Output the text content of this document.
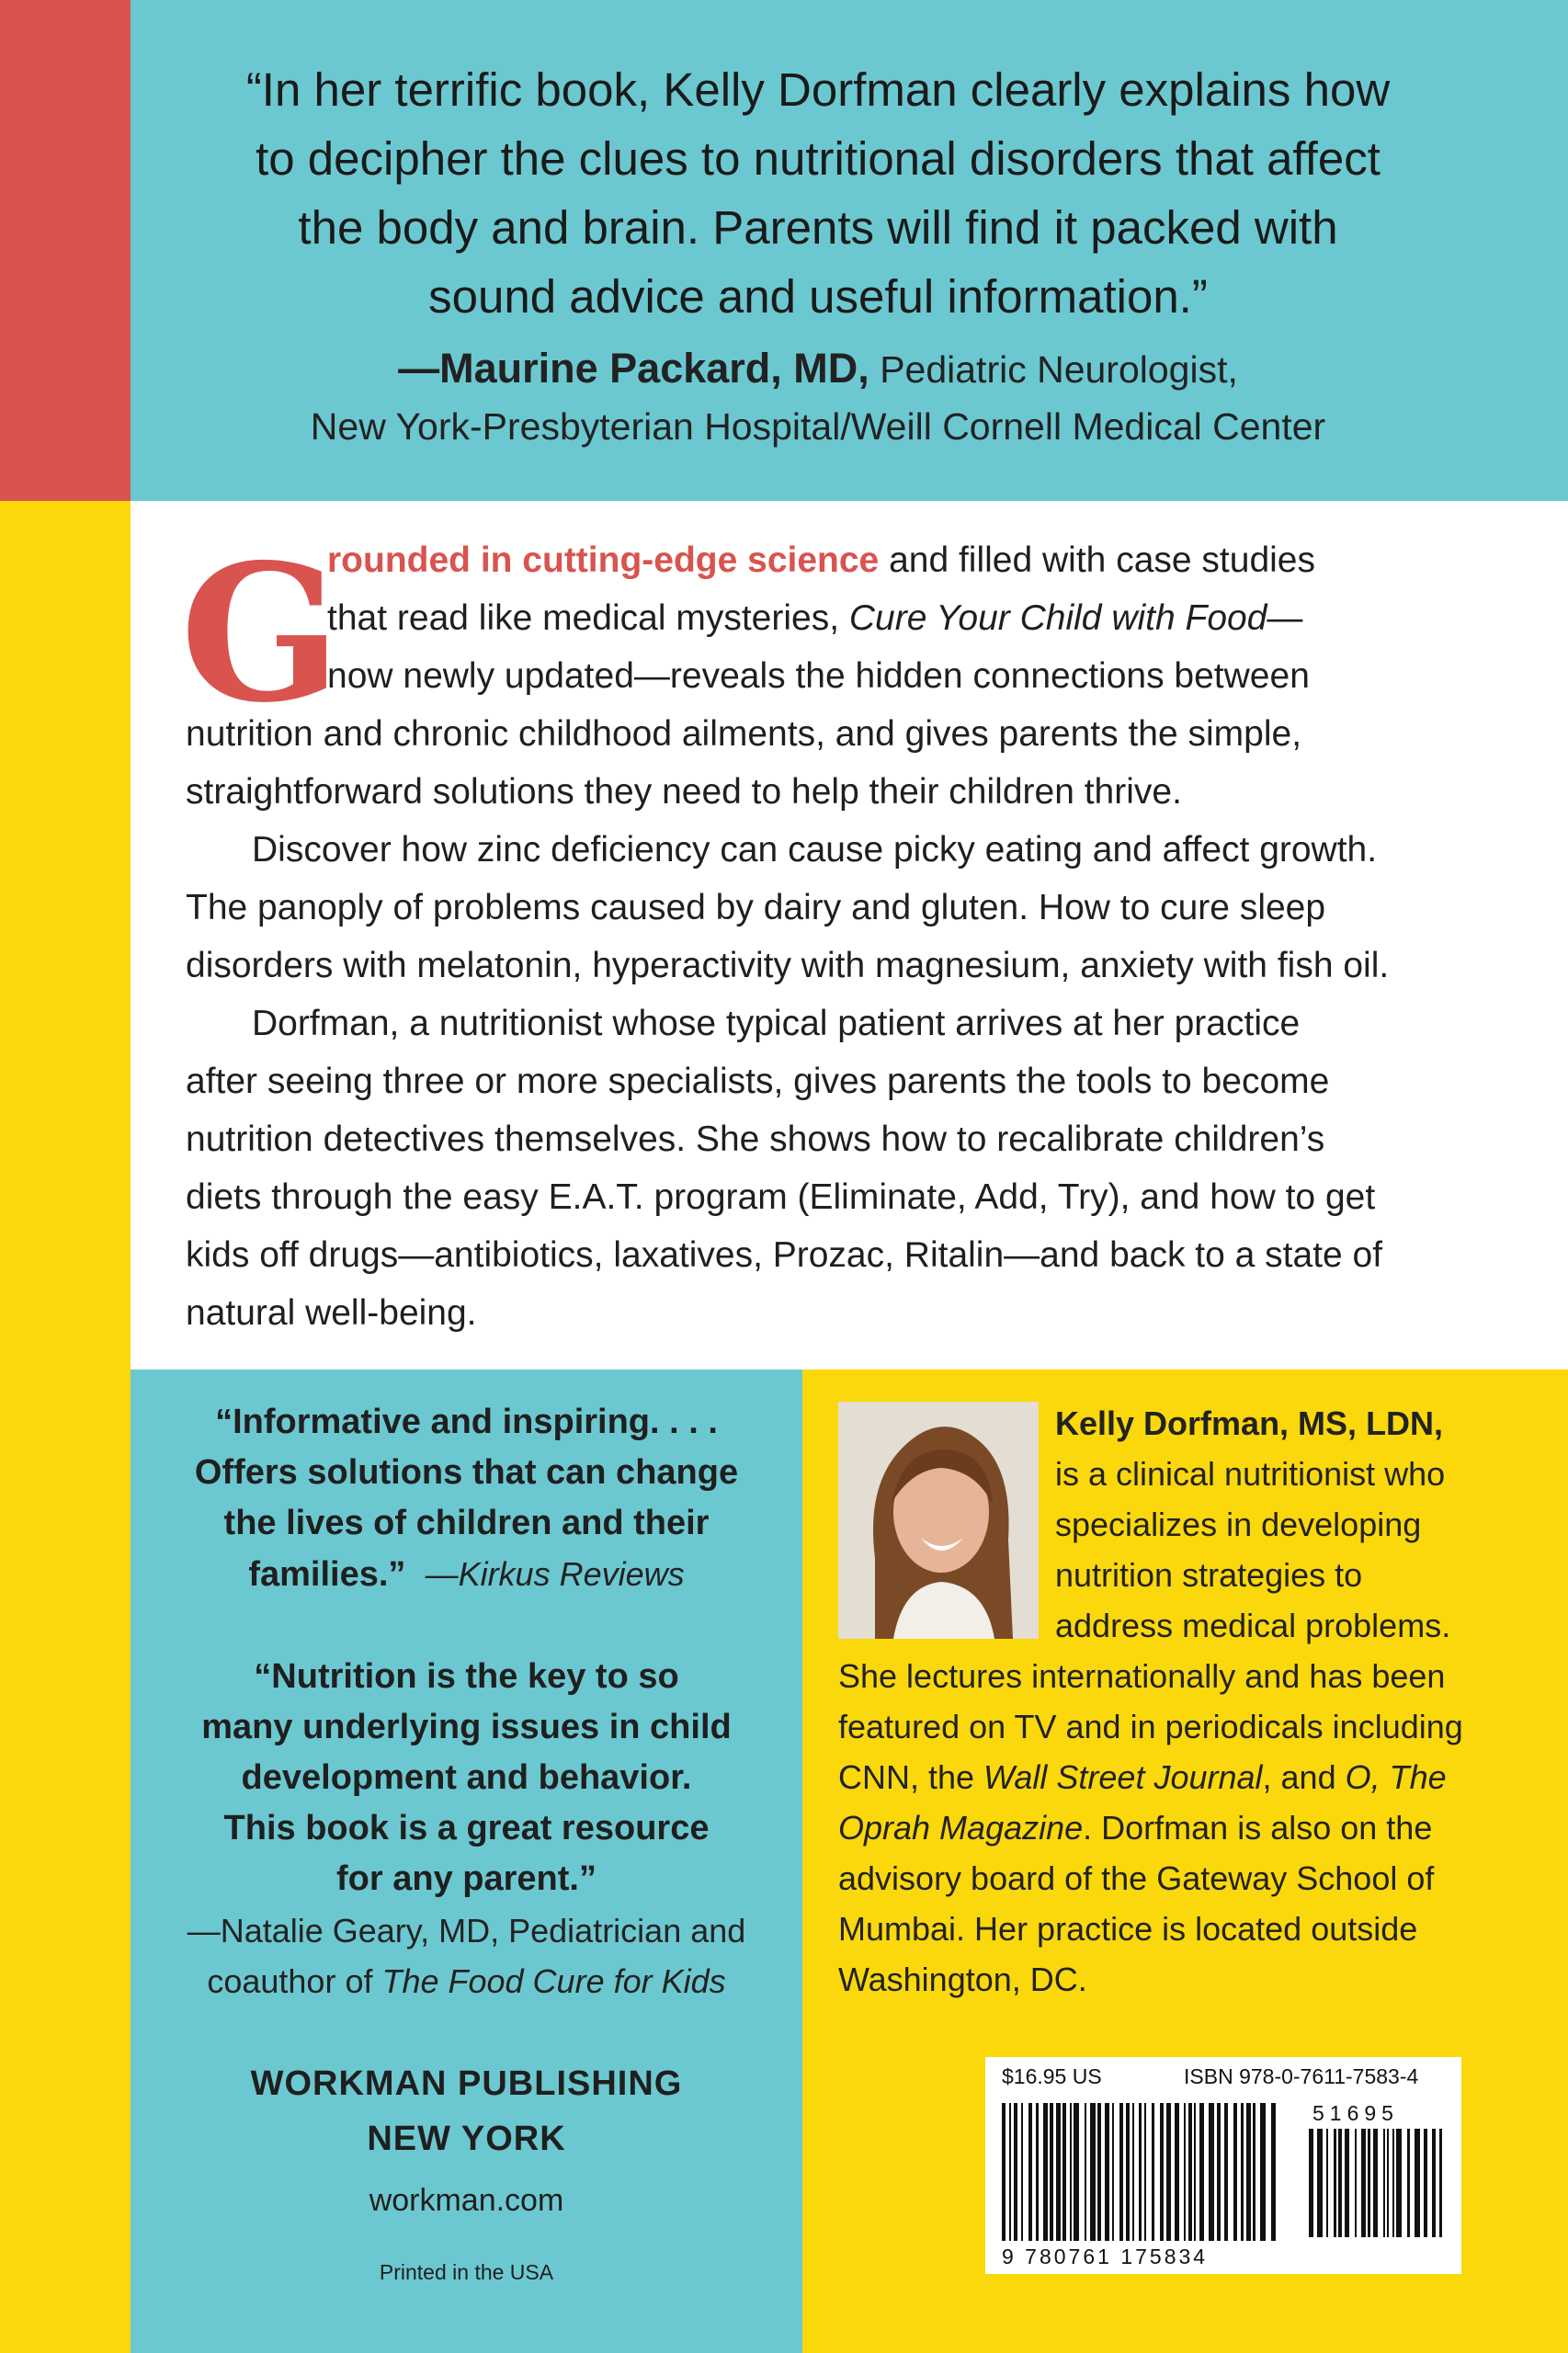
“In her terrific book, Kelly Dorfman clearly explains how
to decipher the clues to nutritional disorders that affect
the body and brain. Parents will find it packed with
sound advice and useful information.”
—Maurine Packard, MD, Pediatric Neurologist,
New York-Presbyterian Hospital/Weill Cornell Medical Center
G
rounded in cutting-edge science and filled with case studies
that read like medical mysteries, Cure Your Child with Food—
now newly updated—reveals the hidden connections between
nutrition and chronic childhood ailments, and gives parents the simple,
straightforward solutions they need to help their children thrive.
Discover how zinc deficiency can cause picky eating and affect growth.
The panoply of problems caused by dairy and gluten. How to cure sleep
disorders with melatonin, hyperactivity with magnesium, anxiety with fish oil.
Dorfman, a nutritionist whose typical patient arrives at her practice
after seeing three or more specialists, gives parents the tools to become
nutrition detectives themselves. She shows how to recalibrate children’s
diets through the easy E.A.T. program (Eliminate, Add, Try), and how to get
kids off drugs—antibiotics, laxatives, Prozac, Ritalin—and back to a state of
natural well-being.
“Informative and inspiring. . . .
Offers solutions that can change
the lives of children and their
families.” —Kirkus Reviews
“Nutrition is the key to so
many underlying issues in child
development and behavior.
This book is a great resource
for any parent.”
—Natalie Geary, MD, Pediatrician and
coauthor of The Food Cure for Kids
WORKMAN PUBLISHING
NEW YORK
workman.com
Printed in the USA
Kelly Dorfman, MS, LDN,
is a clinical nutritionist who
specializes in developing
nutrition strategies to
address medical problems.
She lectures internationally and has been
featured on TV and in periodicals including
CNN, the Wall Street Journal, and O, The
Oprah Magazine. Dorfman is also on the
advisory board of the Gateway School of
Mumbai. Her practice is located outside
Washington, DC.
$16.95 US	ISBN 978-0-7611-7583-4
51695
9 780761 175834
